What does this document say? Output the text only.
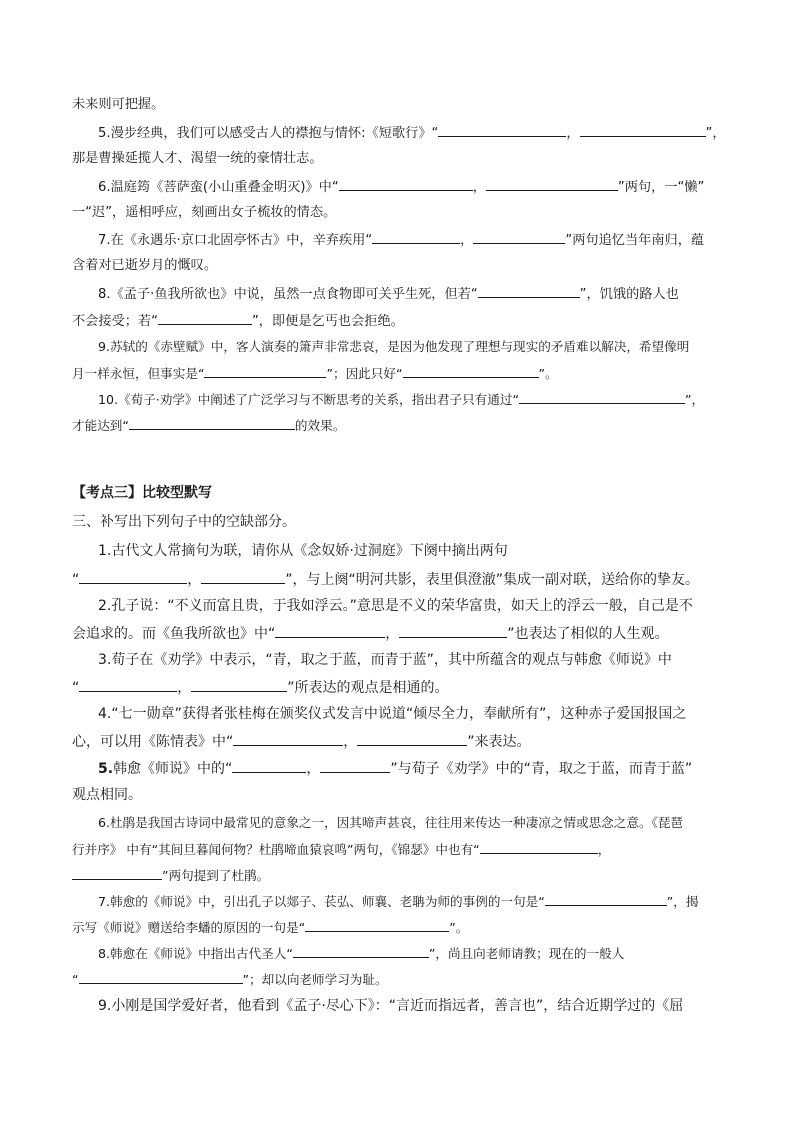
未来则可把握。
5.漫步经典，我们可以感受古人的襟抱与情怀:《短歌行》“	，	”，
那是曹操延揽人才、渴望一统的豪情壮志。
6.温庭筠《菩萨蛮(小山重叠金明灭)》中“	，	”两句，一“懒”
一“迟”，遥相呼应，刻画出女子梳妆的情态。
7.在《永遇乐·京口北固亭怀古》中，辛弃疾用“	，	”两句追忆当年南归，蕴
含着对已逝岁月的慨叹。
8.《孟子·鱼我所欲也》中说，虽然一点食物即可关乎生死，但若“	”，饥饿的路人也
不会接受；若“	”，即便是乞丐也会拒绝。
9.苏轼的《赤壁赋》中，客人演奏的箫声非常悲哀，是因为他发现了理想与现实的矛盾难以解决，希望像明
月一样永恒，但事实是“	”；因此只好“	”。
10.《荀子·劝学》中阐述了广泛学习与不断思考的关系，指出君子只有通过“	”，
才能达到“	的效果。
【考点三】比较型默写
三、补写出下列句子中的空缺部分。
1.古代文人常摘句为联，请你从《念奴娇·过洞庭》下阕中摘出两句
“	，	”，与上阕“明河共影，表里俱澄澈”集成一副对联，送给你的挚友。
2.孔子说：“不义而富且贵，于我如浮云。”意思是不义的荣华富贵，如天上的浮云一般，自己是不
会追求的。而《鱼我所欲也》中“	，	”也表达了相似的人生观。
3.荀子在《劝学》中表示，“青，取之于蓝，而青于蓝”，其中所蕴含的观点与韩愈《师说》中
“	，	”所表达的观点是相通的。
4.“七一勋章”获得者张桂梅在颁奖仪式发言中说道“倾尽全力，奉献所有”，这种赤子爱国报国之
心，可以用《陈情表》中“	，	”来表达。
5.韩愈《师说》中的“	，	”与荀子《劝学》中的“青，取之于蓝，而青于蓝”
观点相同。
6.杜鹃是我国古诗词中最常见的意象之一，因其啼声甚哀，往往用来传达一种凄凉之情或思念之意。《琵琶
行并序》 中有“其间旦暮闻何物？杜鹃啼血猿哀鸣”两句，《锦瑟》中也有“	，
”两句提到了杜鹃。
7.韩愈的《师说》中，引出孔子以郯子、苌弘、师襄、老聃为师的事例的一句是“	”，揭
示写《师说》赠送给李蟠的原因的一句是“	”。
8.韩愈在《师说》中指出古代圣人“	”，尚且向老师请教；现在的一般人
“	”；却以向老师学习为耻。
9.小刚是国学爱好者，他看到《孟子·尽心下》：“言近而指远者，善言也”，结合近期学过的《屈
